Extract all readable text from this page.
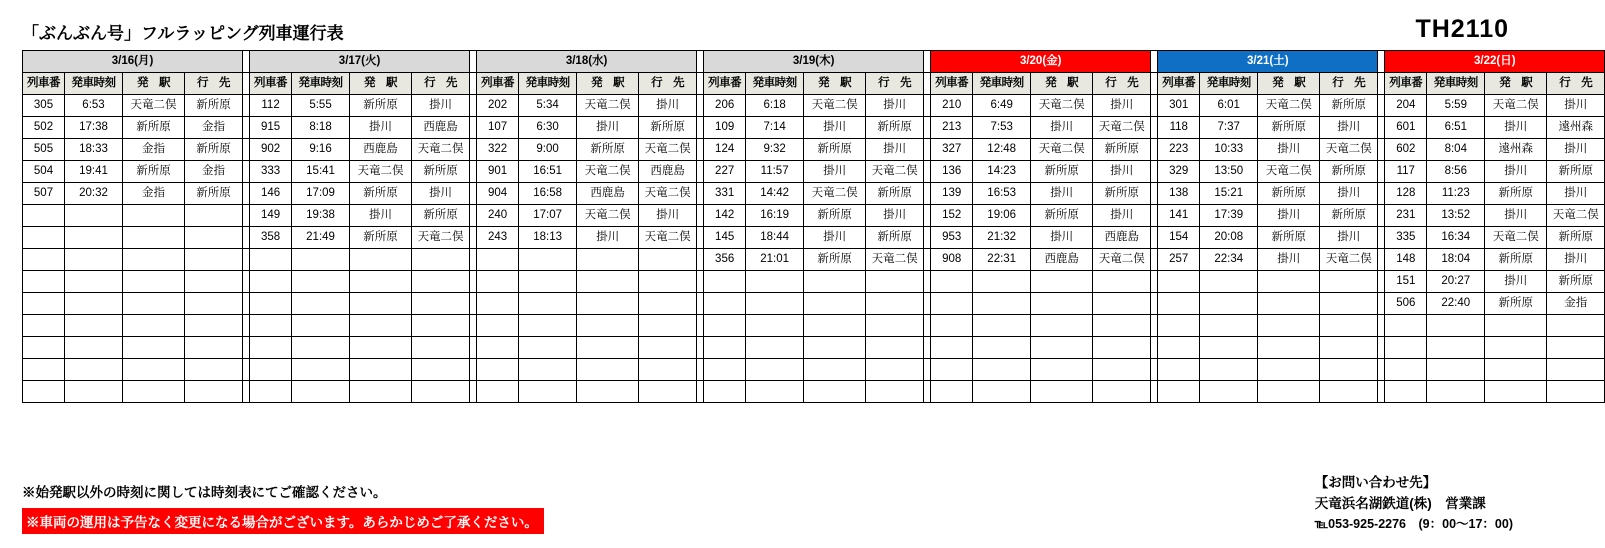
「ぶんぶん号」フルラッピング列車運行表	TH2110
3/16(月)					3/17(火)					3/18(水)					3/19(木)					3/20(金)					3/21(土)					3/22(日)			
列車番	発車時刻	発　駅	行　先		列車番	発車時刻	発　駅	行　先		列車番	発車時刻	発　駅	行　先		列車番	発車時刻	発　駅	行　先		列車番	発車時刻	発　駅	行　先		列車番	発車時刻	発　駅	行　先		列車番	発車時刻	発　駅	行　先
305	6:53	天竜二俣	新所原		112	5:55	新所原	掛川		202	5:34	天竜二俣	掛川		206	6:18	天竜二俣	掛川		210	6:49	天竜二俣	掛川		301	6:01	天竜二俣	新所原		204	5:59	天竜二俣	掛川
502	17:38	新所原	金指		915	8:18	掛川	西鹿島		107	6:30	掛川	新所原		109	7:14	掛川	新所原		213	7:53	掛川	天竜二俣		118	7:37	新所原	掛川		601	6:51	掛川	遠州森
505	18:33	金指	新所原		902	9:16	西鹿島	天竜二俣		322	9:00	新所原	天竜二俣		124	9:32	新所原	掛川		327	12:48	天竜二俣	新所原		223	10:33	掛川	天竜二俣		602	8:04	遠州森	掛川
504	19:41	新所原	金指		333	15:41	天竜二俣	新所原		901	16:51	天竜二俣	西鹿島		227	11:57	掛川	天竜二俣		136	14:23	新所原	掛川		329	13:50	天竜二俣	新所原		117	8:56	掛川	新所原
507	20:32	金指	新所原		146	17:09	新所原	掛川		904	16:58	西鹿島	天竜二俣		331	14:42	天竜二俣	新所原		139	16:53	掛川	新所原		138	15:21	新所原	掛川		128	11:23	新所原	掛川
					149	19:38	掛川	新所原		240	17:07	天竜二俣	掛川		142	16:19	新所原	掛川		152	19:06	新所原	掛川		141	17:39	掛川	新所原		231	13:52	掛川	天竜二俣
					358	21:49	新所原	天竜二俣		243	18:13	掛川	天竜二俣		145	18:44	掛川	新所原		953	21:32	掛川	西鹿島		154	20:08	新所原	掛川		335	16:34	天竜二俣	新所原
															356	21:01	新所原	天竜二俣		908	22:31	西鹿島	天竜二俣		257	22:34	掛川	天竜二俣		148	18:04	新所原	掛川
																														151	20:27	掛川	新所原
																														506	22:40	新所原	金指

※始発駅以外の時刻に関しては時刻表にてご確認ください。
※車両の運用は予告なく変更になる場合がございます。あらかじめご了承ください。
【お問い合わせ先】
天竜浜名湖鉄道(株)　営業課
℡053-925-2276　(9：00～17：00)
